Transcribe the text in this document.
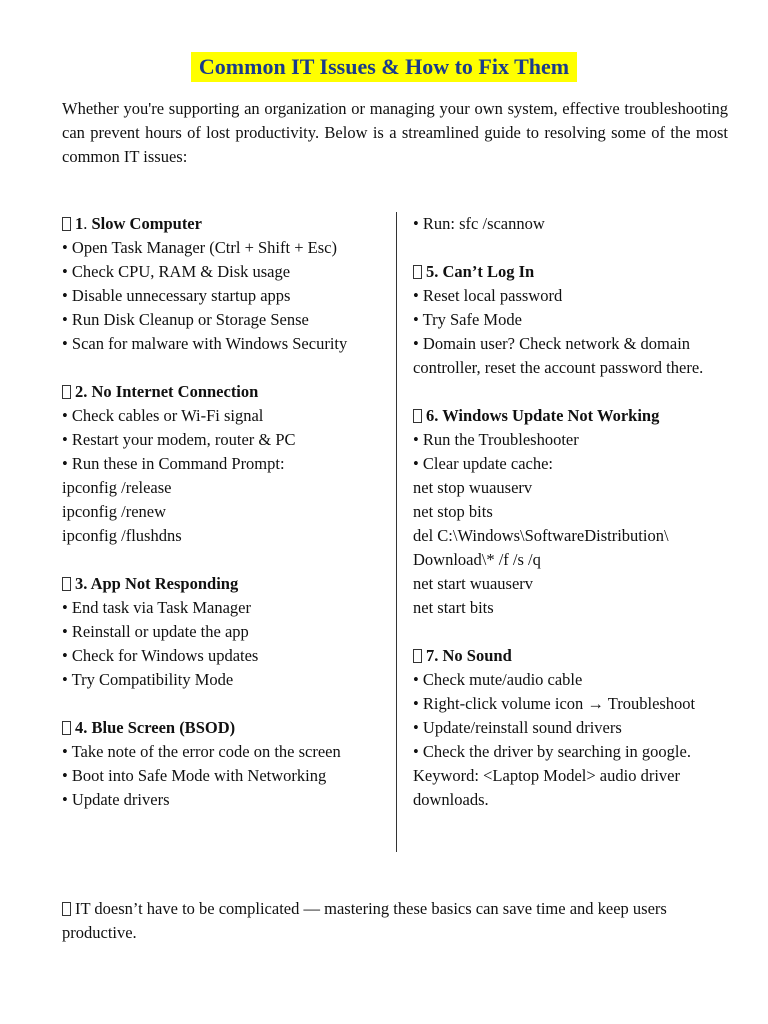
Common IT Issues & How to Fix Them

Whether you're supporting an organization or managing your own system, effective troubleshooting can prevent hours of lost productivity. Below is a streamlined guide to resolving some of the most common IT issues:

1. Slow Computer
• Open Task Manager (Ctrl + Shift + Esc)
• Check CPU, RAM & Disk usage
• Disable unnecessary startup apps
• Run Disk Cleanup or Storage Sense
• Scan for malware with Windows Security
2. No Internet Connection
• Check cables or Wi-Fi signal
• Restart your modem, router & PC
• Run these in Command Prompt:
ipconfig /release
ipconfig /renew
ipconfig /flushdns
3. App Not Responding
• End task via Task Manager
• Reinstall or update the app
• Check for Windows updates
• Try Compatibility Mode
4. Blue Screen (BSOD)
• Take note of the error code on the screen
• Boot into Safe Mode with Networking
• Update drivers
• Run: sfc /scannow
5. Can’t Log In
• Reset local password
• Try Safe Mode
• Domain user? Check network & domain controller, reset the account password there.
6. Windows Update Not Working
• Run the Troubleshooter
• Clear update cache:
net stop wuauserv
net stop bits
del C:\Windows\SoftwareDistribution\
Download\* /f /s /q
net start wuauserv
net start bits
7. No Sound
• Check mute/audio cable
• Right-click volume icon → Troubleshoot
• Update/reinstall sound drivers
• Check the driver by searching in google.
Keyword: <Laptop Model> audio driver downloads.
IT doesn’t have to be complicated — mastering these basics can save time and keep users productive.
